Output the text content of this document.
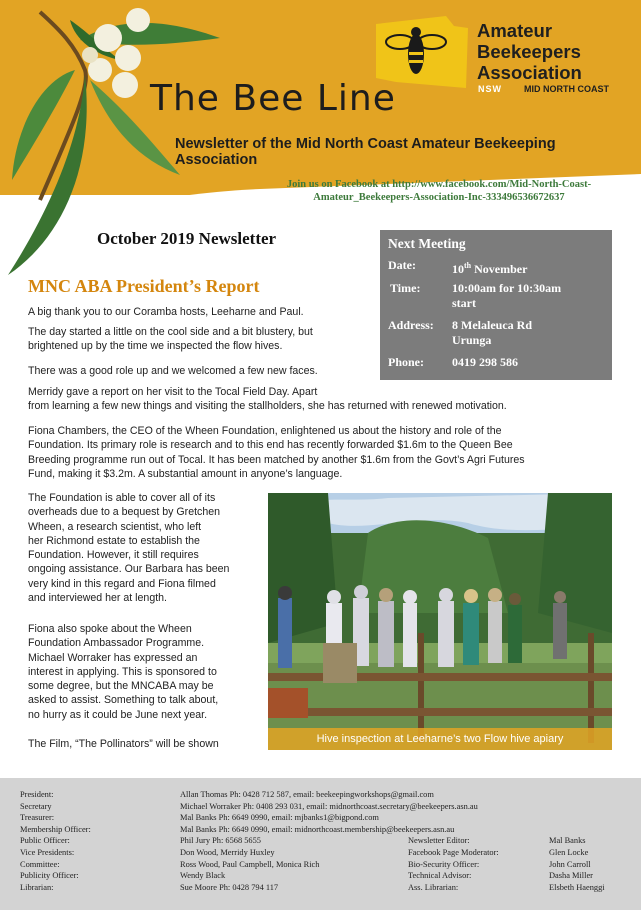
The Bee Line
Newsletter of the Mid North Coast Amateur Beekeeping Association
Amateur
Beekeepers
Association
NSW MID NORTH COAST
Join us on Facebook at http://www.facebook.com/Mid-North-Coast-
Amateur_Beekeepers-Association-Inc-333496536672637
October 2019 Newsletter	Next Meeting
Date:	10th November
Time:	10:00am for 10:30am
start
Address: 8 Melaleuca Rd
Urunga
Phone: 0419 298 586
MNC ABA President’s Report

A big thank you to our Coramba hosts, Leeharne and Paul.

The day started a little on the cool side and a bit blustery, but
brightened up by the time we inspected the flow hives.

There was a good role up and we welcomed a few new faces.

Merridy gave a report on her visit to the Tocal Field Day. Apart
from learning a few new things and visiting the stallholders, she has returned with renewed motivation.
Fiona Chambers, the CEO of the Wheen Foundation, enlightened us about the history and role of the
Foundation. Its primary role is research and to this end has recently forwarded $1.6m to the Queen Bee
Breeding programme run out of Tocal. It has been matched by another $1.6m from the Govt’s Agri Futures
Fund, making it $3.2m. A substantial amount in anyone’s language.
The Foundation is able to cover all of its
overheads due to a bequest by Gretchen
Wheen, a research scientist, who left
her Richmond estate to establish the
Foundation. However, it still requires
ongoing assistance. Our Barbara has been
very kind in this regard and Fiona filmed
and interviewed her at length.
Fiona also spoke about the Wheen
Foundation Ambassador Programme.
Michael Worraker has expressed an
interest in applying. This is sponsored to
some degree, but the MNCABA may be
asked to assist. Something to talk about,
no hurry as it could be June next year.

The Film, “The Pollinators” will be shown	Hive inspection at Leeharne’s two Flow hive apiary
President:	Allan Thomas Ph: 0428 712 587, email: beekeepingworkshops@gmail.com
Secretary	Michael Worraker Ph: 0408 293 031, email: midnorthcoast.secretary@beekeepers.asn.au
Treasurer:	Mal Banks Ph: 6649 0990, email: mjbanks1@bigpond.com
Membership Officer:	Mal Banks Ph: 6649 0990, email: midnorthcoast.membership@beekeepers.asn.au
Public Officer:	Phil Jury Ph: 6568 5655
Vice Presidents:	Don Wood, Merridy Huxley
Committee:	Ross Wood, Paul Campbell, Monica Rich
Publicity Officer:	Wendy Black
Librarian:	Sue Moore Ph: 0428 794 117
Newsletter Editor:	Mal Banks
Facebook Page Moderator:	Glen Locke
Bio-Security Officer:	John Carroll
Technical Advisor:	Dasha Miller
Ass. Librarian:	Elsbeth Haenggi
